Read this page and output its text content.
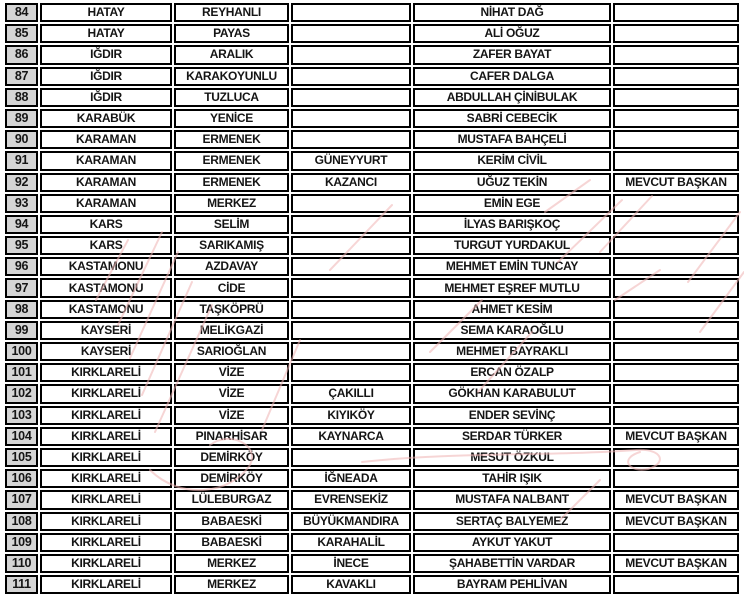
84	HATAY	REYHANLI		NİHAT DAĞ	
85	HATAY	PAYAS		ALİ OĞUZ	
86	IĞDIR	ARALIK		ZAFER BAYAT	
87	IĞDIR	KARAKOYUNLU		CAFER DALGA	
88	IĞDIR	TUZLUCA		ABDULLAH ÇİNİBULAK	
89	KARABÜK	YENİCE		SABRİ CEBECİK	
90	KARAMAN	ERMENEK		MUSTAFA BAHÇELİ	
91	KARAMAN	ERMENEK	GÜNEYYURT	KERİM CİVİL	
92	KARAMAN	ERMENEK	KAZANCI	UĞUZ TEKİN	MEVCUT BAŞKAN
93	KARAMAN	MERKEZ		EMİN EGE	
94	KARS	SELİM		İLYAS BARIŞKOÇ	
95	KARS	SARIKAMIŞ		TURGUT YURDAKUL	
96	KASTAMONU	AZDAVAY		MEHMET EMİN TUNCAY	
97	KASTAMONU	CİDE		MEHMET EŞREF MUTLU	
98	KASTAMONU	TAŞKÖPRÜ		AHMET KESİM	
99	KAYSERİ	MELİKGAZİ		SEMA KARAOĞLU	
100	KAYSERİ	SARIOĞLAN		MEHMET BAYRAKLI	
101	KIRKLARELİ	VİZE		ERCAN ÖZALP	
102	KIRKLARELİ	VİZE	ÇAKILLI	GÖKHAN KARABULUT	
103	KIRKLARELİ	VİZE	KIYIKÖY	ENDER SEVİNÇ	
104	KIRKLARELİ	PINARHİSAR	KAYNARCA	SERDAR TÜRKER	MEVCUT BAŞKAN
105	KIRKLARELİ	DEMİRKÖY		MESUT ÖZKUL	
106	KIRKLARELİ	DEMİRKÖY	İĞNEADA	TAHİR IŞIK	
107	KIRKLARELİ	LÜLEBURGAZ	EVRENSEKİZ	MUSTAFA NALBANT	MEVCUT BAŞKAN
108	KIRKLARELİ	BABAESKİ	BÜYÜKMANDIRA	SERTAÇ BALYEMEZ	MEVCUT BAŞKAN
109	KIRKLARELİ	BABAESKİ	KARAHALİL	AYKUT YAKUT	
110	KIRKLARELİ	MERKEZ	İNECE	ŞAHABETTİN VARDAR	MEVCUT BAŞKAN
111	KIRKLARELİ	MERKEZ	KAVAKLI	BAYRAM PEHLİVAN	
